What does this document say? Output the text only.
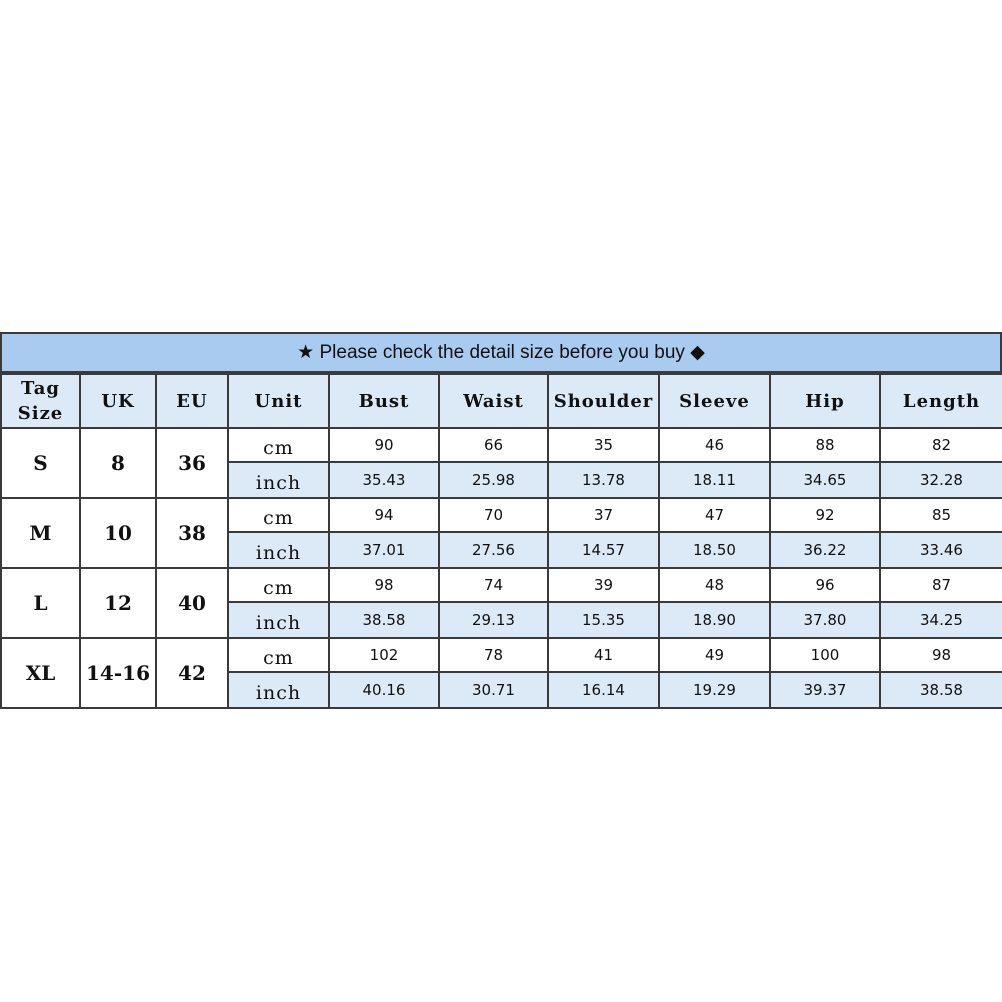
★ Please check the detail size before you buy ◆
Tag
Size	UK	EU	Unit	Bust	Waist	Shoulder	Sleeve	Hip	Length
S	8	36	cm	90	66	35	46	88	82
			inch	35.43	25.98	13.78	18.11	34.65	32.28
M	10	38	cm	94	70	37	47	92	85
			inch	37.01	27.56	14.57	18.50	36.22	33.46
L	12	40	cm	98	74	39	48	96	87
			inch	38.58	29.13	15.35	18.90	37.80	34.25
XL	14-16	42	cm	102	78	41	49	100	98
			inch	40.16	30.71	16.14	19.29	39.37	38.58
